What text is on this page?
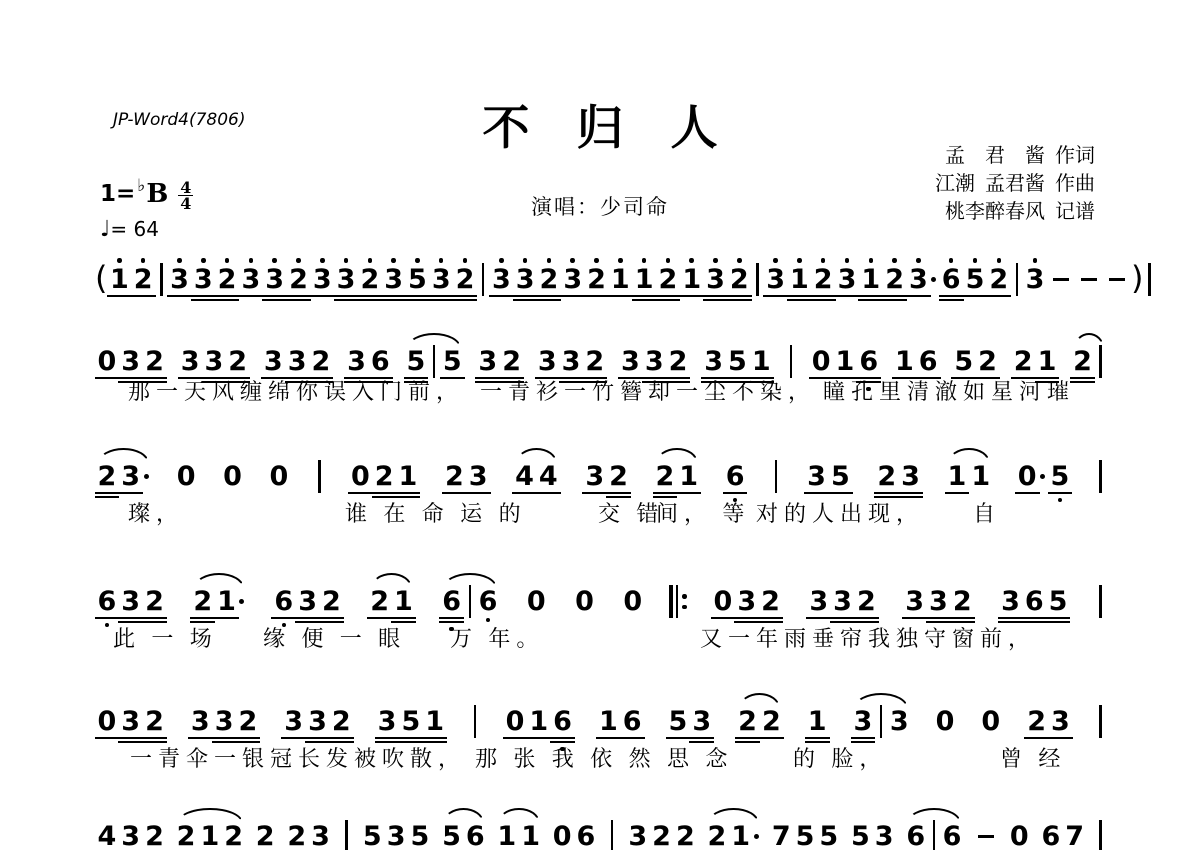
JP-Word4(7806)	不　归　人
演唱：少司命
孟 君 酱 作词
江潮 孟君酱 作曲
桃李醉春风 记谱
1= ♭ B $\frac{4}{4}$
♩= 64
( 1 2 3 3 2 3 3 2 3 3 2 3 5 3 2 3 3 2 3 2 1 1 2 1 3 2 3 1 2 3 1 2 3 6 5 2 3	)
0 3 2 3 3 2 3 3 2 3 6 5 5 3 2 3 3 2 3 3 2 3 5 1 0 1 6 1 6 5 2 2 1 2
那一天风缠绵你误入门前， 一青衫一竹簪却一尘不染， 瞳孔里清澈如星河璀
2 3 0 0 0 0 2 1 2 3 4 4 3 2 2 1 6 3 5 2 3 1 1 0 5
璨，	谁 在 命 运 的	交 错
间， 等 对的人出现， 自
6 3 2 2 1 6 3 2 2 1 6 6 0 0 0	0 3 2 3 3 2 3 3 2 3 6 5
此 一 场 缘 便 一 眼 万 年。	又一年雨垂帘我独守窗前，
0 3 2 3 3 2 3 3 2 3 5 1 0 1 6 1 6 5 3 2 2 1 3 3 0 0 2 3
一青伞一银冠长发被吹散， 那 张 我 依 然 思 念	的 脸，	曾 经
4 3 2 2 1 2 2 2 3 5 3 5 5 6 1 1 0 6 3 2 2 2 1 7 5 5 5 3 6 6 0 6 7
